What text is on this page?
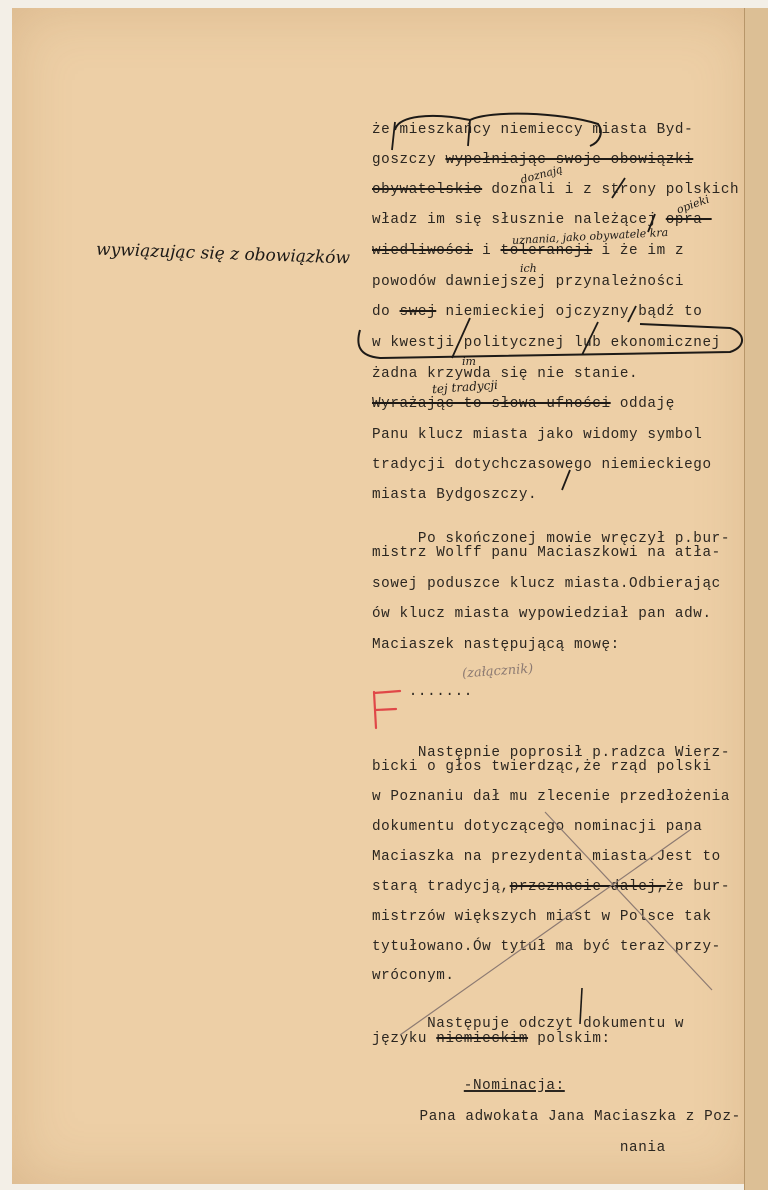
wywiązując się z obowiązków

że mieszkańcy niemieccy miasta Byd-

goszczy wypełniając swoje obowiązki

obywatelskie doznali i z strony polskich

władz im się słusznie należącej opra-

wiedliwości i tolerancji i że im z

powodów dawniejszej przynależności

do swej niemieckiej ojczyzny bądź to

w kwestji politycznej lub ekonomicznej

żadna krzywda się nie stanie.

Wyrażając to słowa ufności oddaję

Panu klucz miasta jako widomy symbol

tradycji dotychczasowego niemieckiego

miasta Bydgoszczy.

Po skończonej mowie wręczył p.bur-

mistrz Wolff panu Maciaszkowi na atła-

sowej poduszce klucz miasta.Odbierając

ów klucz miasta wypowiedział pan adw.

Maciaszek następującą mowę:

.......

Następnie poprosił p.radzca Wierz-

bicki o głos twierdząc,że rząd polski

w Poznaniu dał mu zlecenie przedłożenia

dokumentu dotyczącego nominacji pana

Maciaszka na prezydenta miasta.Jest to

starą tradycją,przeznacie dalej,że bur-

mistrzów większych miast w Polsce tak

tytułowano.Ów tytuł ma być teraz przy-

wróconym.

Następuje odczyt dokumentu w

języku niemieckim polskim:

-Nominacja:

Pana adwokata Jana Maciaszka z Poz-

nania

doznają
opieki
uznania, jako obywatele kra
ich
im
tej tradycji
(załącznik)
